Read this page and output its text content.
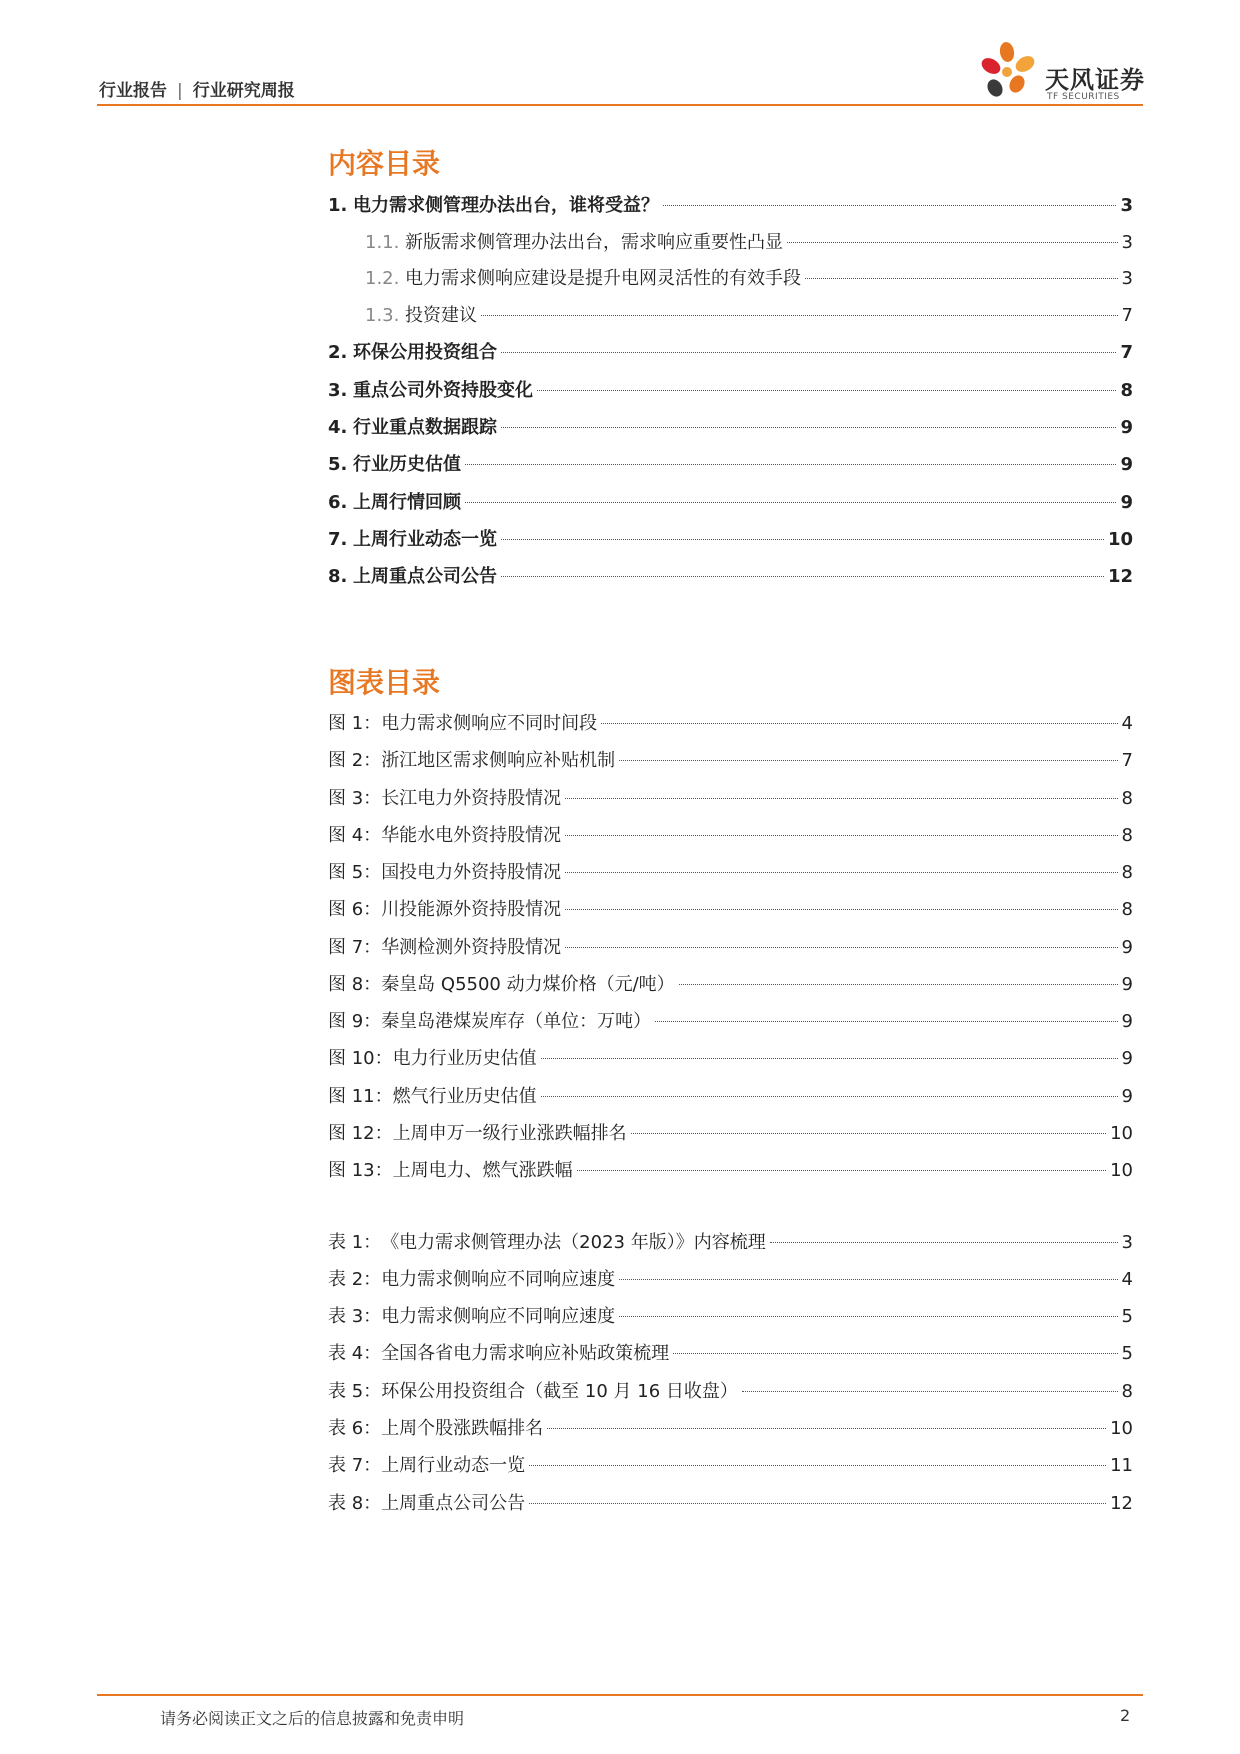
行业报告 | 行业研究周报	天风证券
TF SECURITIES
内容目录
1. 电力需求侧管理办法出台，谁将受益？	3
1.1. 新版需求侧管理办法出台，需求响应重要性凸显	3
1.2. 电力需求侧响应建设是提升电网灵活性的有效手段	3
1.3. 投资建议	7
2. 环保公用投资组合	7
3. 重点公司外资持股变化	8
4. 行业重点数据跟踪	9
5. 行业历史估值	9
6. 上周行情回顾	9
7. 上周行业动态一览	10
8. 上周重点公司公告	12
图表目录
图 1： 电力需求侧响应不同时间段	4
图 2： 浙江地区需求侧响应补贴机制	7
图 3： 长江电力外资持股情况	8
图 4： 华能水电外资持股情况	8
图 5： 国投电力外资持股情况	8
图 6： 川投能源外资持股情况	8
图 7： 华测检测外资持股情况	9
图 8： 秦皇岛 Q5500 动力煤价格（元/吨）	9
图 9： 秦皇岛港煤炭库存（单位：万吨）	9
图 10： 电力行业历史估值	9
图 11： 燃气行业历史估值	9
图 12： 上周申万一级行业涨跌幅排名	10
图 13： 上周电力、燃气涨跌幅	10
表 1： 《电力需求侧管理办法（2023 年版）》内容梳理	3
表 2： 电力需求侧响应不同响应速度	4
表 3： 电力需求侧响应不同响应速度	5
表 4： 全国各省电力需求响应补贴政策梳理	5
表 5： 环保公用投资组合（截至 10 月 16 日收盘）	8
表 6： 上周个股涨跌幅排名	10
表 7： 上周行业动态一览	11
表 8： 上周重点公司公告	12
请务必阅读正文之后的信息披露和免责申明	2
